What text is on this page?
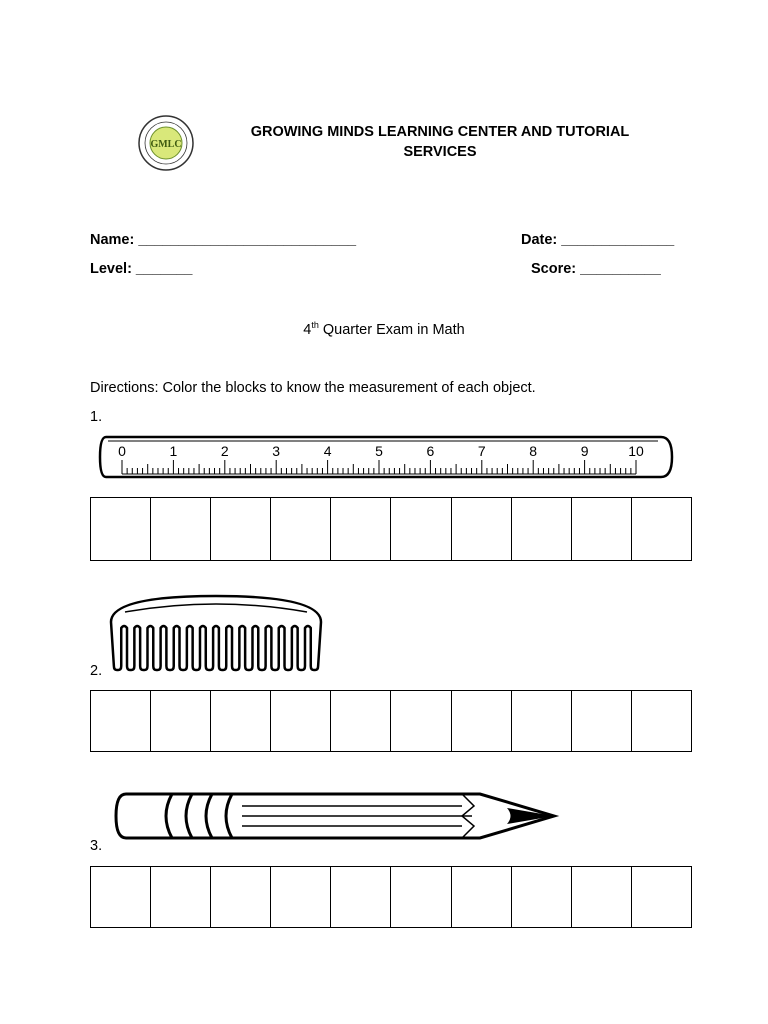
GMLC
GROWING MINDS LEARNING CENTER AND TUTORIAL SERVICES
Name: ___________________________	Date: ______________
Level: _______	Score: __________
4th Quarter Exam in Math
Directions: Color the blocks to know the measurement of each object.
1.
0	1	2	3	4	5	6	7	8	9	10
2.
3.
